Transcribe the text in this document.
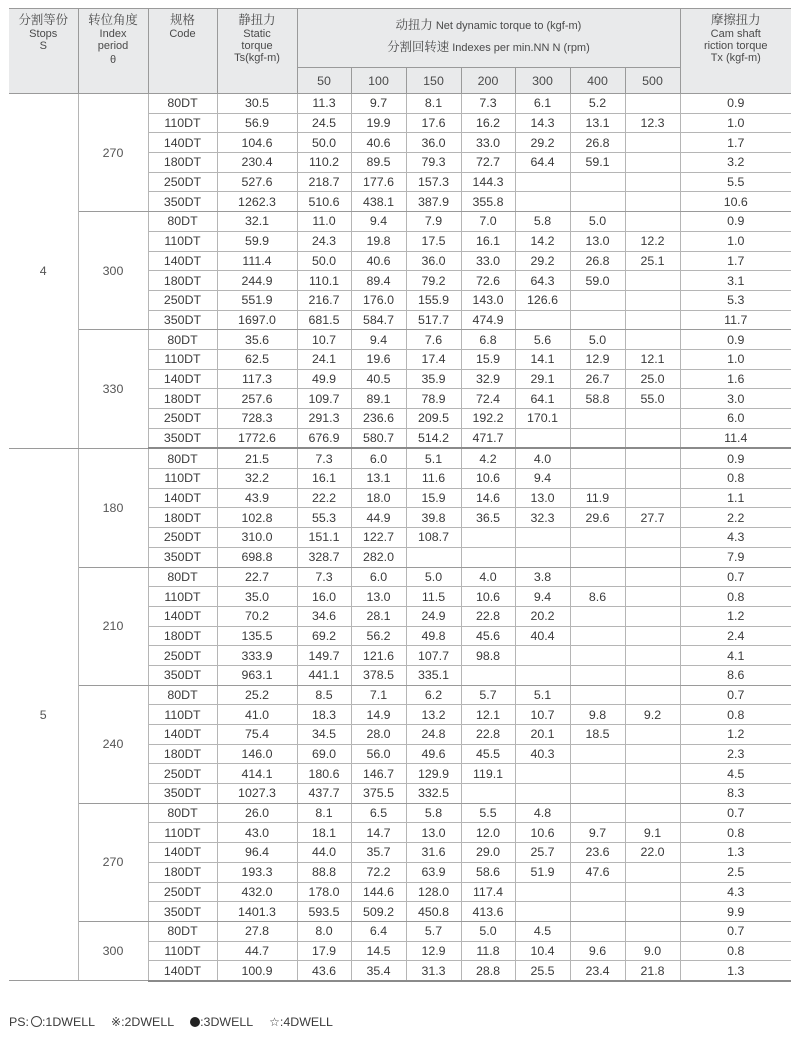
分割等份
Stops
S	转位角度
Index
period
θ	规格
Code	静扭力
Static
torque
Ts(kgf-m)	动扭力 Net dynamic torque to (kgf-m)
分割回转速 Indexes per min.NN N (rpm)							摩擦扭力
Cam shaft
riction torque
Tx (kgf-m)

				50	100	150	200	300	400	500	
4	270	80DT	30.5	11.3	9.7	8.1	7.3	6.1	5.2		0.9
		110DT	56.9	24.5	19.9	17.6	16.2	14.3	13.1	12.3	1.0
		140DT	104.6	50.0	40.6	36.0	33.0	29.2	26.8		1.7
		180DT	230.4	110.2	89.5	79.3	72.7	64.4	59.1		3.2
		250DT	527.6	218.7	177.6	157.3	144.3				5.5
		350DT	1262.3	510.6	438.1	387.9	355.8				10.6
	300	80DT	32.1	11.0	9.4	7.9	7.0	5.8	5.0		0.9
		110DT	59.9	24.3	19.8	17.5	16.1	14.2	13.0	12.2	1.0
		140DT	111.4	50.0	40.6	36.0	33.0	29.2	26.8	25.1	1.7
		180DT	244.9	110.1	89.4	79.2	72.6	64.3	59.0		3.1
		250DT	551.9	216.7	176.0	155.9	143.0	126.6			5.3
		350DT	1697.0	681.5	584.7	517.7	474.9				11.7
	330	80DT	35.6	10.7	9.4	7.6	6.8	5.6	5.0		0.9
		110DT	62.5	24.1	19.6	17.4	15.9	14.1	12.9	12.1	1.0
		140DT	117.3	49.9	40.5	35.9	32.9	29.1	26.7	25.0	1.6
		180DT	257.6	109.7	89.1	78.9	72.4	64.1	58.8	55.0	3.0
		250DT	728.3	291.3	236.6	209.5	192.2	170.1			6.0
		350DT	1772.6	676.9	580.7	514.2	471.7				11.4
5	180	80DT	21.5	7.3	6.0	5.1	4.2	4.0			0.9
		110DT	32.2	16.1	13.1	11.6	10.6	9.4			0.8
		140DT	43.9	22.2	18.0	15.9	14.6	13.0	11.9		1.1
		180DT	102.8	55.3	44.9	39.8	36.5	32.3	29.6	27.7	2.2
		250DT	310.0	151.1	122.7	108.7					4.3
		350DT	698.8	328.7	282.0						7.9
	210	80DT	22.7	7.3	6.0	5.0	4.0	3.8			0.7
		110DT	35.0	16.0	13.0	11.5	10.6	9.4	8.6		0.8
		140DT	70.2	34.6	28.1	24.9	22.8	20.2			1.2
		180DT	135.5	69.2	56.2	49.8	45.6	40.4			2.4
		250DT	333.9	149.7	121.6	107.7	98.8				4.1
		350DT	963.1	441.1	378.5	335.1					8.6
	240	80DT	25.2	8.5	7.1	6.2	5.7	5.1			0.7
		110DT	41.0	18.3	14.9	13.2	12.1	10.7	9.8	9.2	0.8
		140DT	75.4	34.5	28.0	24.8	22.8	20.1	18.5		1.2
		180DT	146.0	69.0	56.0	49.6	45.5	40.3			2.3
		250DT	414.1	180.6	146.7	129.9	119.1				4.5
		350DT	1027.3	437.7	375.5	332.5					8.3
	270	80DT	26.0	8.1	6.5	5.8	5.5	4.8			0.7
		110DT	43.0	18.1	14.7	13.0	12.0	10.6	9.7	9.1	0.8
		140DT	96.4	44.0	35.7	31.6	29.0	25.7	23.6	22.0	1.3
		180DT	193.3	88.8	72.2	63.9	58.6	51.9	47.6		2.5
		250DT	432.0	178.0	144.6	128.0	117.4				4.3
		350DT	1401.3	593.5	509.2	450.8	413.6				9.9
	300	80DT	27.8	8.0	6.4	5.7	5.0	4.5			0.7
		110DT	44.7	17.9	14.5	12.9	11.8	10.4	9.6	9.0	0.8
		140DT	100.9	43.6	35.4	31.3	28.8	25.5	23.4	21.8	1.3
PS: :1DWELL ※:2DWELL :3DWELL ☆:4DWELL
